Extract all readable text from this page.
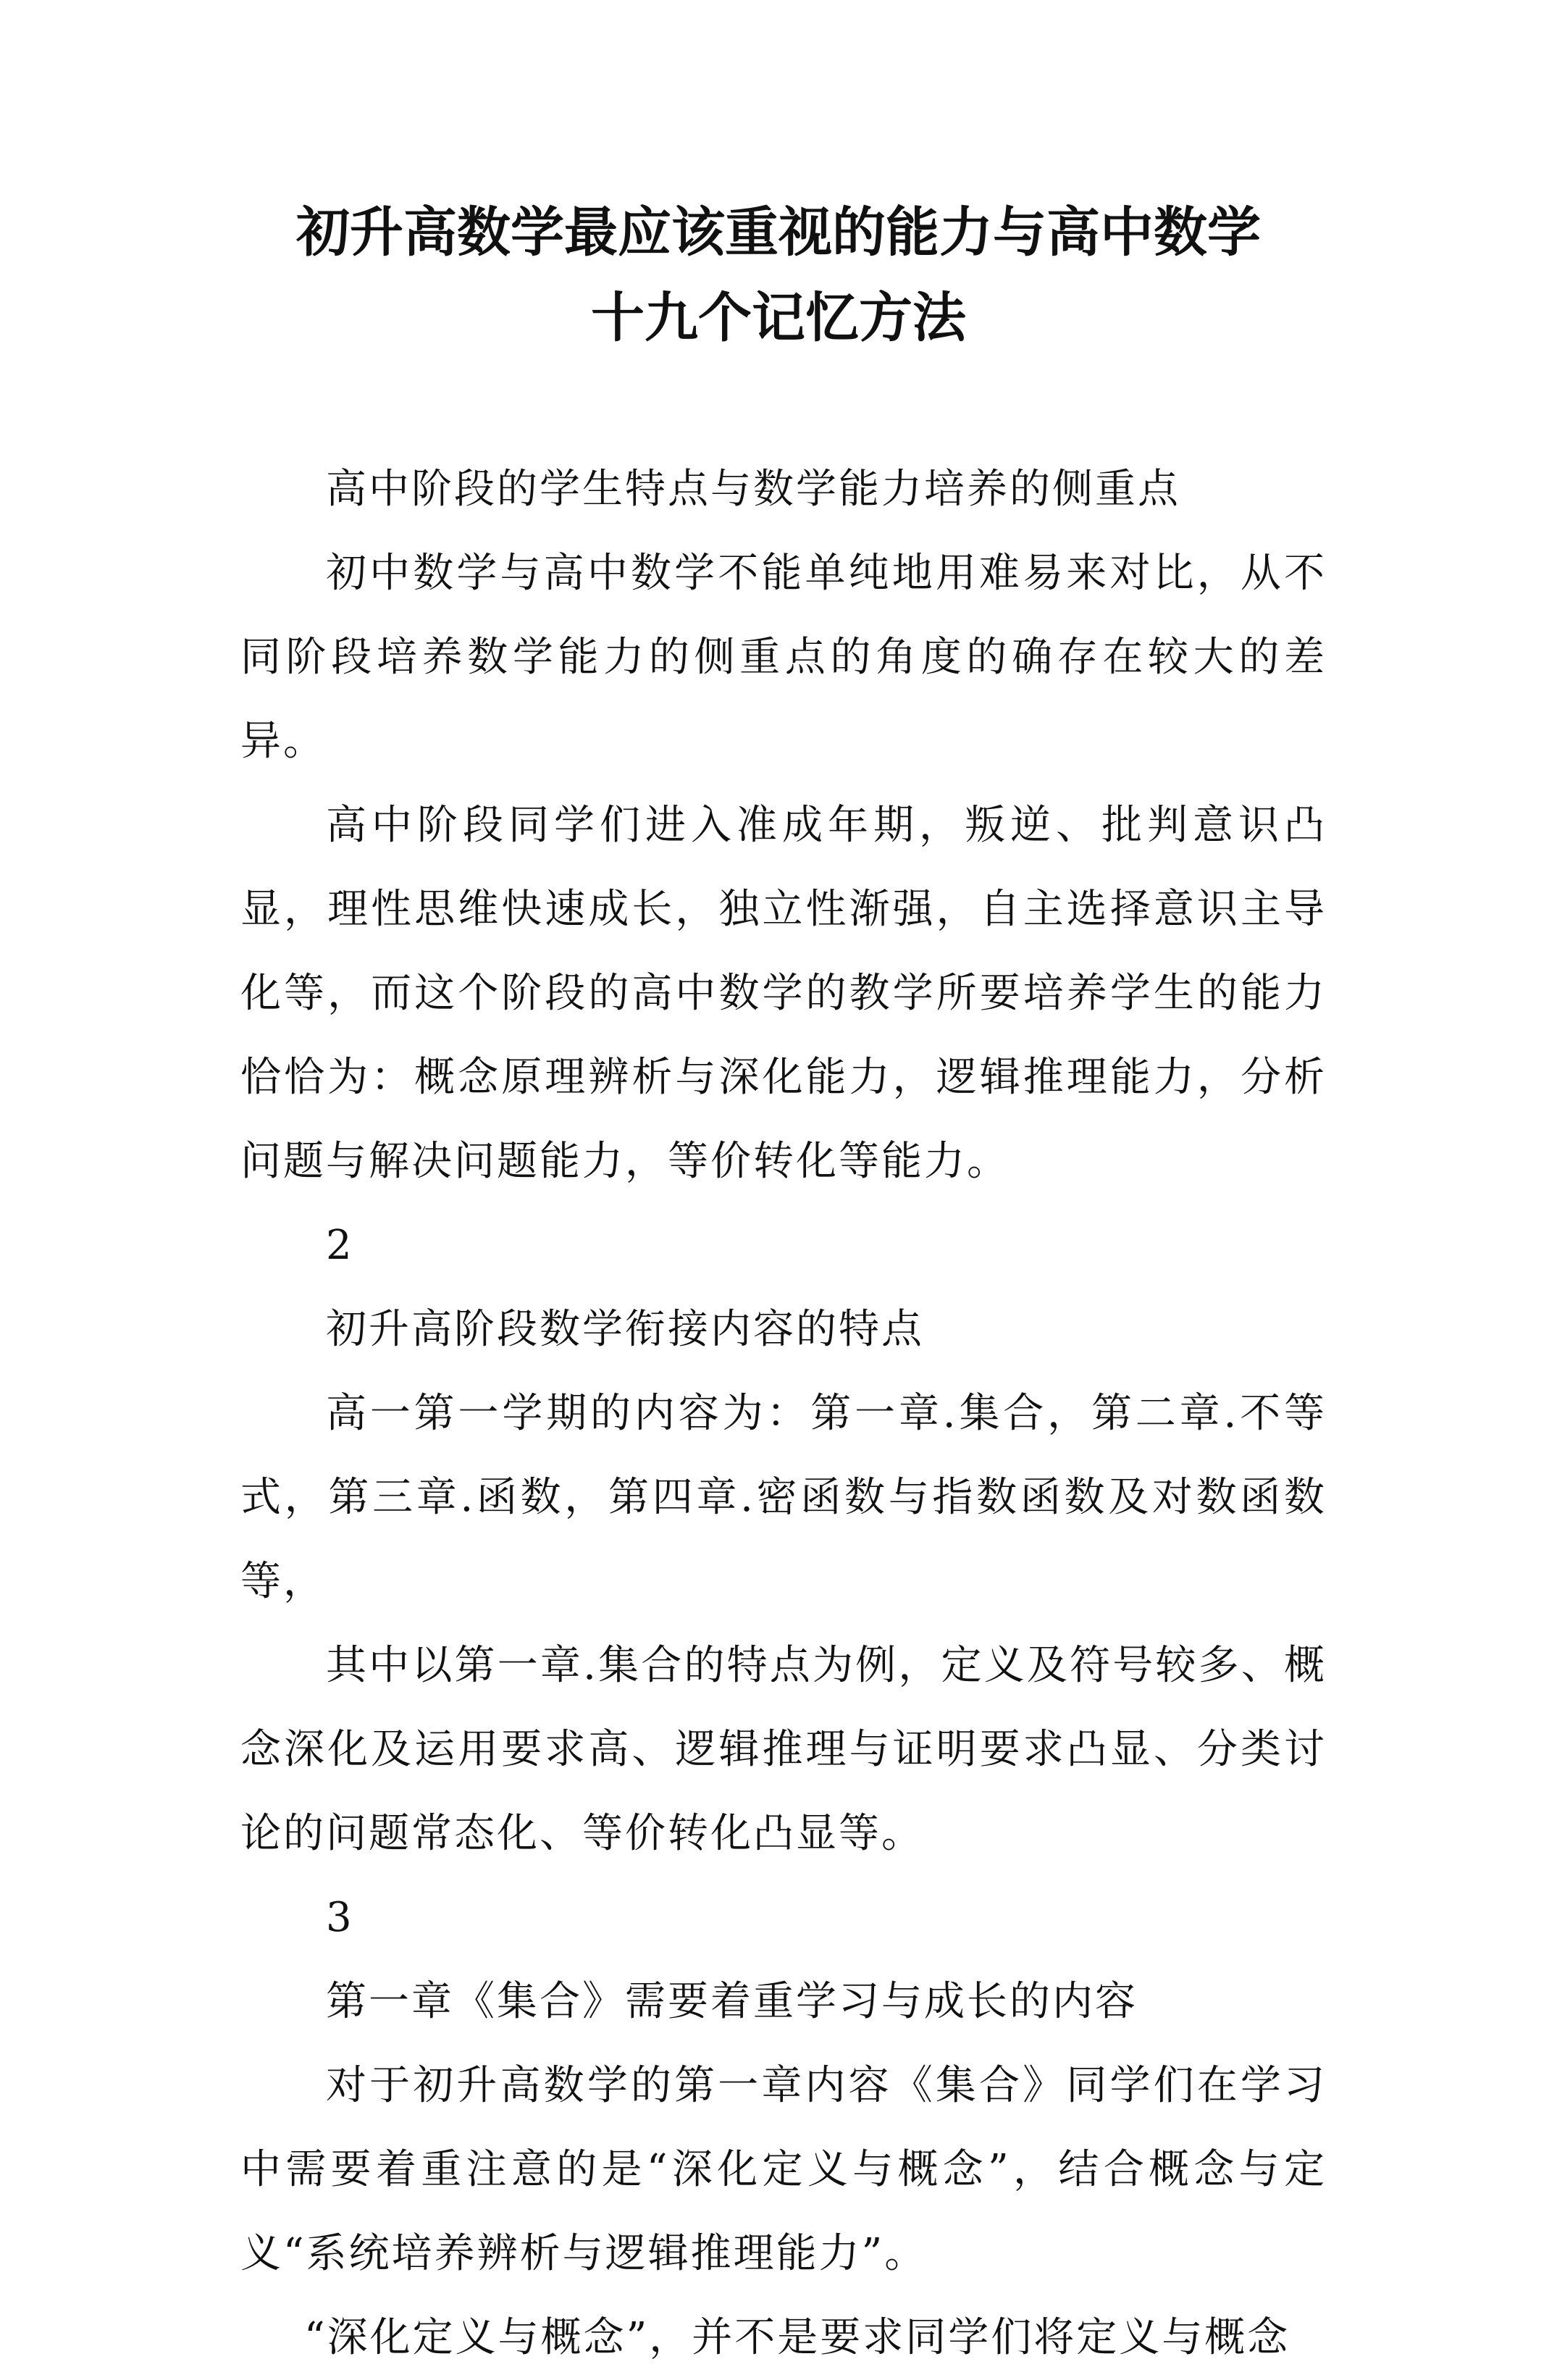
初升高数学最应该重视的能力与高中数学
十九个记忆方法

高中阶段的学生特点与数学能力培养的侧重点

初中数学与高中数学不能单纯地用难易来对比，从不同阶段培养数学能力的侧重点的角度的确存在较大的差异。

高中阶段同学们进入准成年期，叛逆、批判意识凸显，理性思维快速成长，独立性渐强，自主选择意识主导化等，而这个阶段的高中数学的教学所要培养学生的能力恰恰为：概念原理辨析与深化能力，逻辑推理能力，分析问题与解决问题能力，等价转化等能力。

2

初升高阶段数学衔接内容的特点

高一第一学期的内容为：第一章.集合，第二章.不等式，第三章.函数，第四章.密函数与指数函数及对数函数等，

其中以第一章.集合的特点为例，定义及符号较多、概念深化及运用要求高、逻辑推理与证明要求凸显、分类讨论的问题常态化、等价转化凸显等。

3

第一章《集合》需要着重学习与成长的内容

对于初升高数学的第一章内容《集合》同学们在学习中需要着重注意的是“深化定义与概念”，结合概念与定义“系统培养辨析与逻辑推理能力”。

“深化定义与概念”，并不是要求同学们将定义与概念
